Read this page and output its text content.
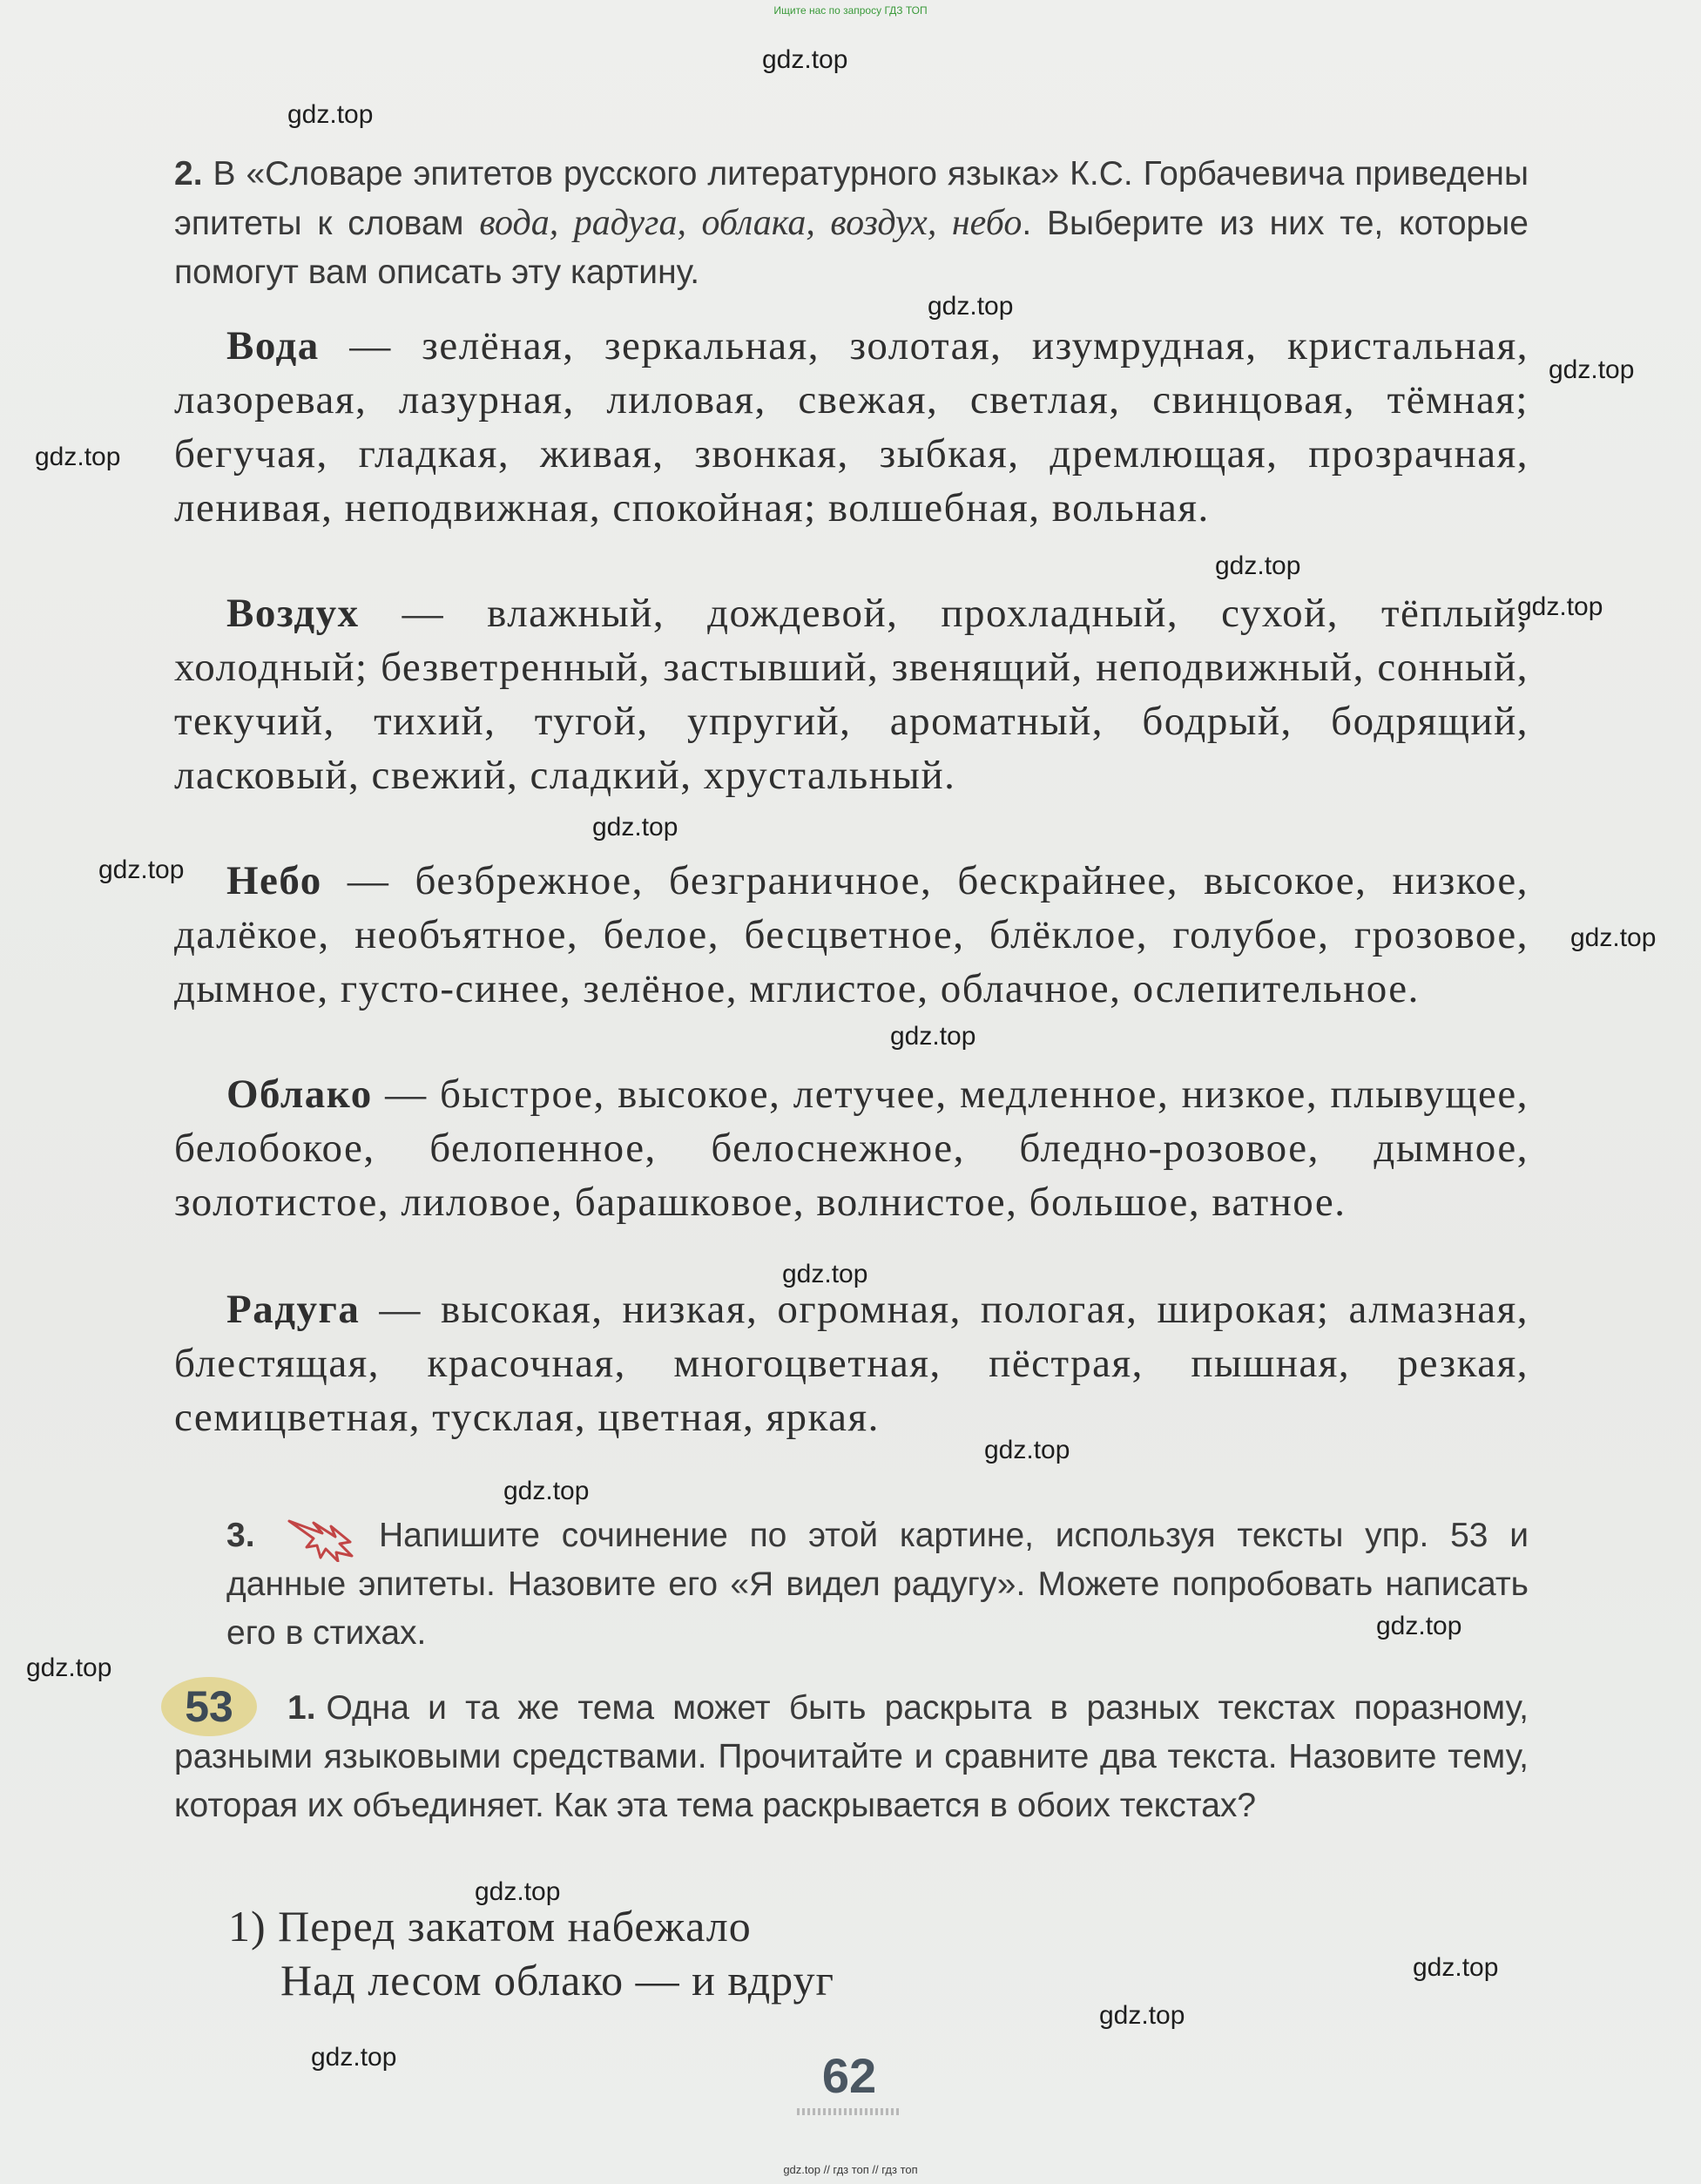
Ищите нас по запросу ГДЗ ТОП
gdz.top
gdz.top
gdz.top
gdz.top
gdz.top
gdz.top
gdz.top
gdz.top
gdz.top
gdz.top
gdz.top
gdz.top
gdz.top
gdz.top
gdz.top
gdz.top
gdz.top
gdz.top
gdz.top
gdz.top
2. В «Словаре эпитетов русского литературного языка» К.С. Горбачевича приведены эпитеты к словам вода, радуга, облака, воздух, небо. Выберите из них те, которые помогут вам описать эту картину.
Вода — зелёная, зеркальная, золотая, изумрудная, кристальная, лазоревая, лазурная, лиловая, свежая, светлая, свинцовая, тёмная; бегучая, гладкая, живая, звонкая, зыбкая, дремлющая, прозрачная, ленивая, неподвижная, спокойная; волшебная, вольная.
Воздух — влажный, дождевой, прохладный, сухой, тёплый, холодный; безветренный, застывший, звенящий, неподвижный, сонный, текучий, тихий, тугой, упругий, ароматный, бодрый, бодрящий, ласковый, свежий, сладкий, хрустальный.
Небо — безбрежное, безграничное, бескрайнее, высокое, низкое, далёкое, необъятное, белое, бесцветное, блёклое, голубое, грозовое, дымное, густо-синее, зелёное, мглистое, облачное, ослепительное.
Облако — быстрое, высокое, летучее, медленное, низкое, плывущее, белобокое, белопенное, белоснежное, бледно-розовое, дымное, золотистое, лиловое, барашковое, волнистое, большое, ватное.
Радуга — высокая, низкая, огромная, пологая, широкая; алмазная, блестящая, красочная, многоцветная, пёстрая, пышная, резкая, семицветная, тусклая, цветная, яркая.
3.	Напишите сочинение по этой картине, используя тексты упр. 53 и данные эпитеты. Назовите его «Я видел радугу». Можете попробовать написать его в стихах.
53	1. Одна и та же тема может быть раскрыта в разных текстах поразному, разными языковыми средствами. Прочитайте и сравните два текста. Назовите тему, которая их объединяет. Как эта тема раскрывается в обоих текстах?
1) Перед закатом набежало
Над лесом облако — и вдруг
62
gdz.top // гдз топ // гдз топ
